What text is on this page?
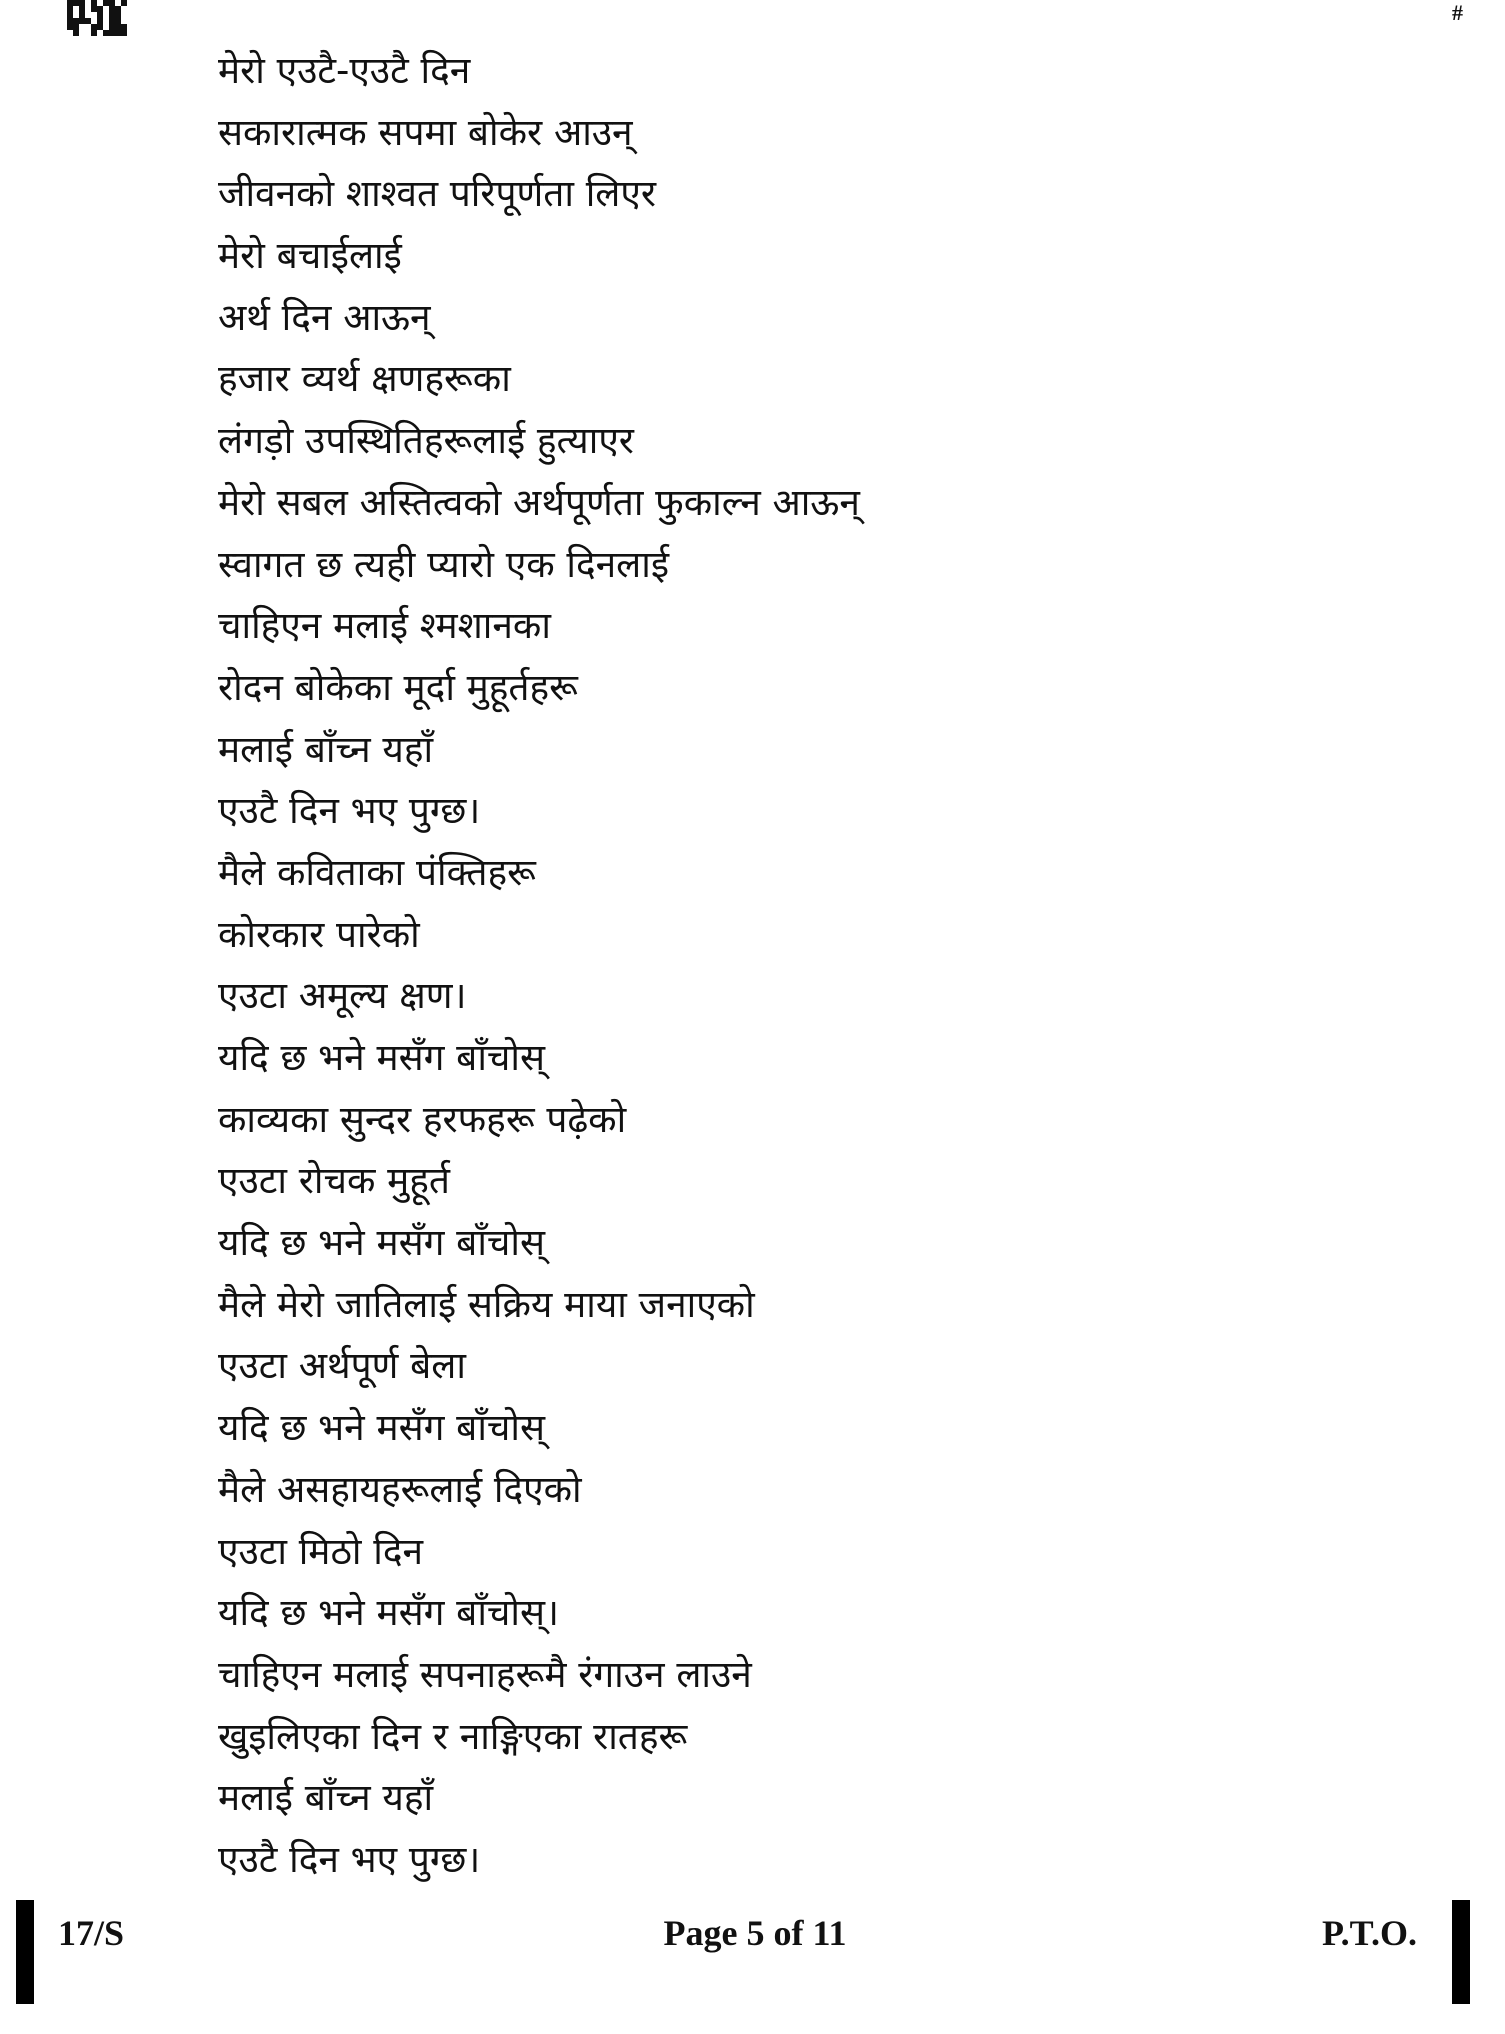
#
मेरो एउटै-एउटै दिन
सकारात्मक सपमा बोकेर आउन्
जीवनको शाश्वत परिपूर्णता लिएर
मेरो बचाईलाई
अर्थ दिन आऊन्
हजार व्यर्थ क्षणहरूका
लंगड़ो उपस्थितिहरूलाई हुत्याएर
मेरो सबल अस्तित्वको अर्थपूर्णता फुकाल्न आऊन्
स्वागत छ त्यही प्यारो एक दिनलाई
चाहिएन मलाई श्मशानका
रोदन बोकेका मूर्दा मुहूर्तहरू
मलाई बाँच्न यहाँ
एउटै दिन भए पुग्छ।
मैले कविताका पंक्तिहरू
कोरकार पारेको
एउटा अमूल्य क्षण।
यदि छ भने मसँग बाँचोस्
काव्यका सुन्दर हरफहरू पढ़ेको
एउटा रोचक मुहूर्त
यदि छ भने मसँग बाँचोस्
मैले मेरो जातिलाई सक्रिय माया जनाएको
एउटा अर्थपूर्ण बेला
यदि छ भने मसँग बाँचोस्
मैले असहायहरूलाई दिएको
एउटा मिठो दिन
यदि छ भने मसँग बाँचोस्।
चाहिएन मलाई सपनाहरूमै रंगाउन लाउने
खुइलिएका दिन र नाङ्गिएका रातहरू
मलाई बाँच्न यहाँ
एउटै दिन भए पुग्छ।
17/S	Page 5 of 11	P.T.O.
